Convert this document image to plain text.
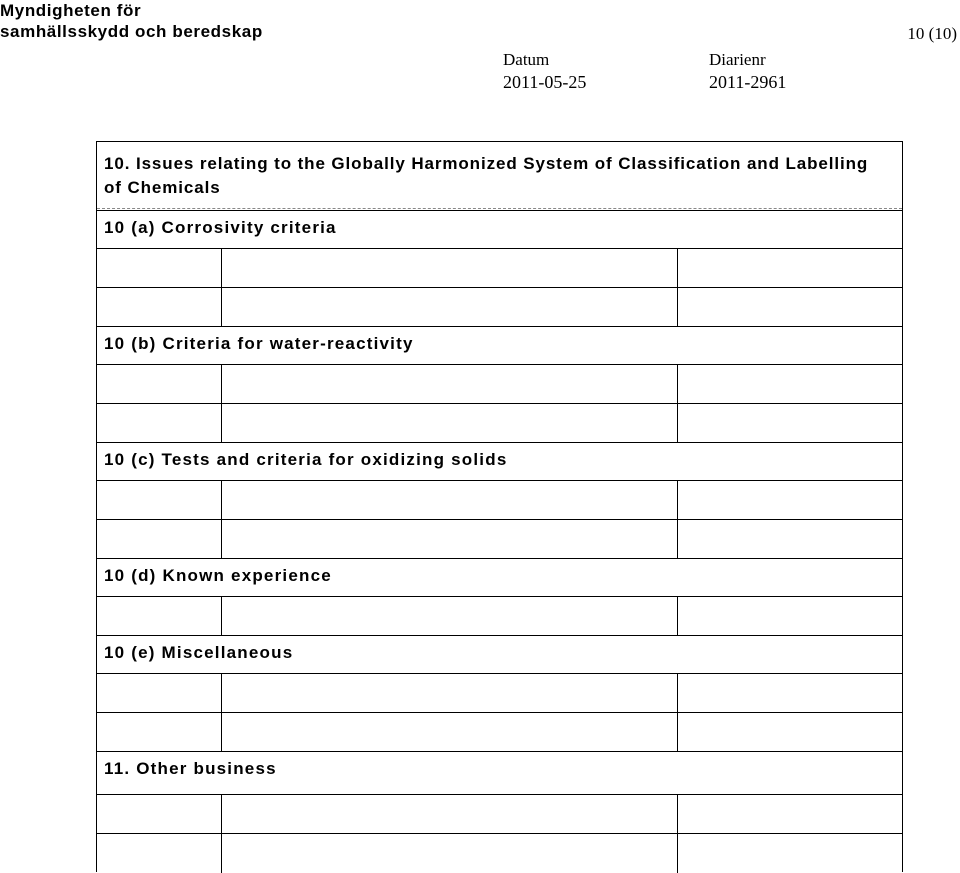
Myndigheten för
samhällsskydd och beredskap	10 (10)
Datum
2011-05-25
Diarienr
2011-2961
10. Issues relating to the Globally Harmonized System of Classification and Labelling of Chemicals
10 (a) Corrosivity criteria
10 (b) Criteria for water-reactivity
10 (c) Tests and criteria for oxidizing solids
10 (d) Known experience
10 (e) Miscellaneous
11. Other business
